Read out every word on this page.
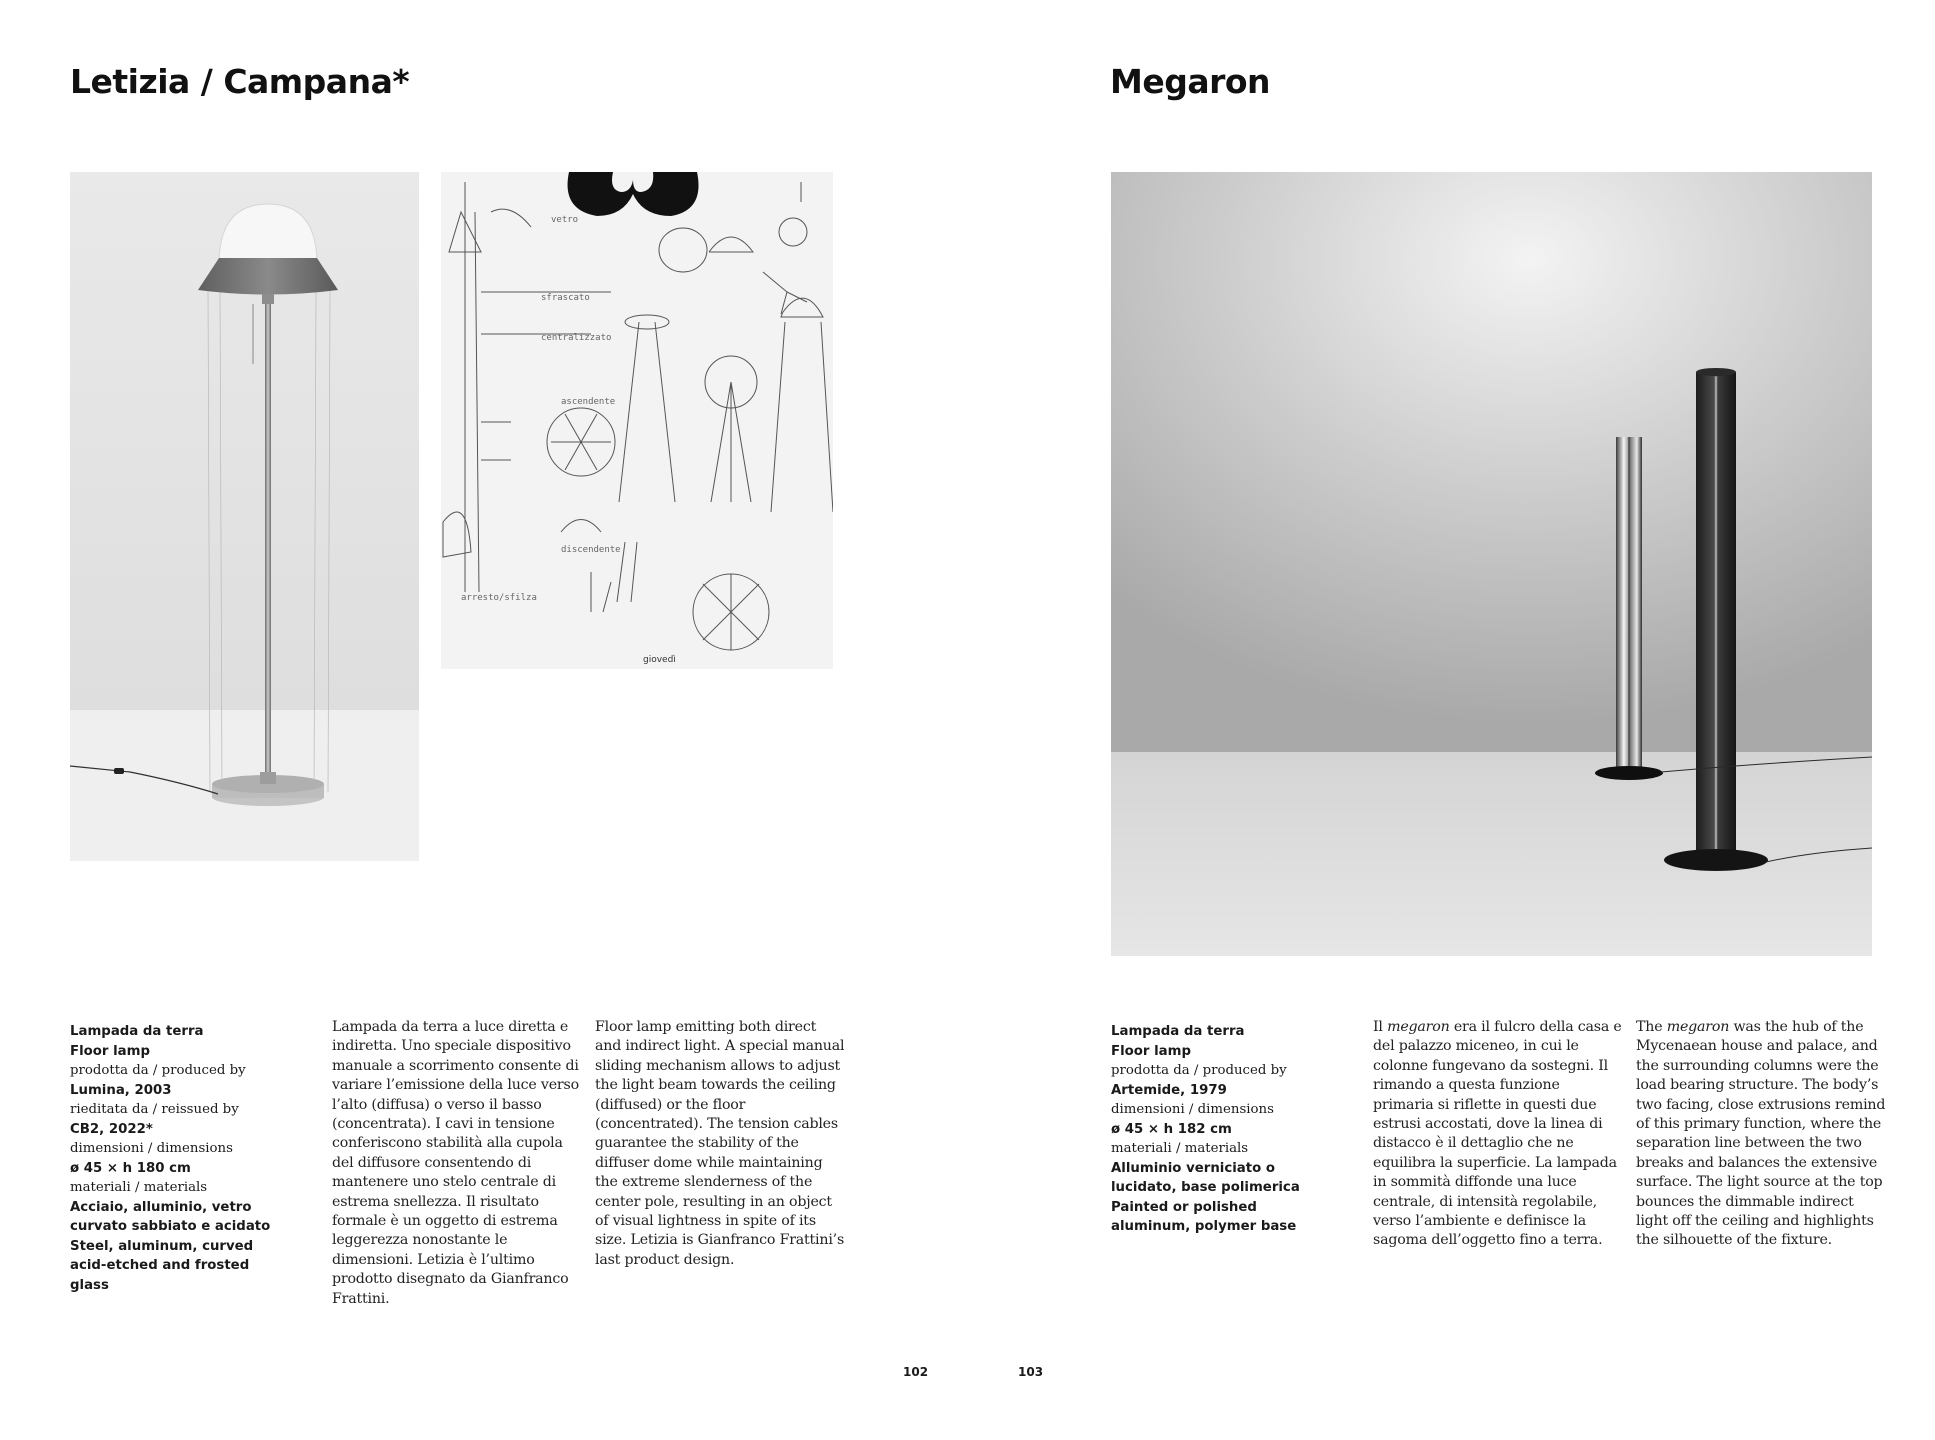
Letizia / Campana*
vetro
sfrascato
centralizzato
ascendente
discendente
arresto/sfilza
giovedì
Lampada da terra
Floor lamp
prodotta da / produced by
Lumina, 2003
rieditata da / reissued by
CB2, 2022*
dimensioni / dimensions
ø 45 × h 180 cm
materiali / materials
Acciaio, alluminio, vetro curvato sabbiato e acidato
Steel, aluminum, curved acid-etched and frosted glass

Lampada da terra a luce diretta e indiretta. Uno speciale dispositivo manuale a scorrimento consente di variare l’emissione della luce verso l’alto (diffusa) o verso il basso (concentrata). I cavi in tensione conferiscono stabilità alla cupola del diffusore consentendo di mantenere uno stelo centrale di estrema snellezza. Il risultato formale è un oggetto di estrema leggerezza nonostante le dimensioni. Letizia è l’ultimo prodotto disegnato da Gianfranco Frattini.

Floor lamp emitting both direct and indirect light. A special manual sliding mechanism allows to adjust the light beam towards the ceiling (diffused) or the floor (concentrated). The tension cables guarantee the stability of the diffuser dome while maintaining the extreme slenderness of the center pole, resulting in an object of visual lightness in spite of its size. Letizia is Gianfranco Frattini’s last product design.

102
Megaron
Lampada da terra
Floor lamp
prodotta da / produced by
Artemide, 1979
dimensioni / dimensions
ø 45 × h 182 cm
materiali / materials
Alluminio verniciato o lucidato, base polimerica
Painted or polished aluminum, polymer base

Il megaron era il fulcro della casa e del palazzo miceneo, in cui le colonne fungevano da sostegni. Il rimando a questa funzione primaria si riflette in questi due estrusi accostati, dove la linea di distacco è il dettaglio che ne equilibra la superficie. La lampada in sommità diffonde una luce centrale, di intensità regolabile, verso l’ambiente e definisce la sagoma dell’oggetto fino a terra.

The megaron was the hub of the Mycenaean house and palace, and the surrounding columns were the load bearing structure. The body’s two facing, close extrusions remind of this primary function, where the separation line between the two breaks and balances the extensive surface. The light source at the top bounces the dimmable indirect light off the ceiling and highlights the silhouette of the fixture.

103
